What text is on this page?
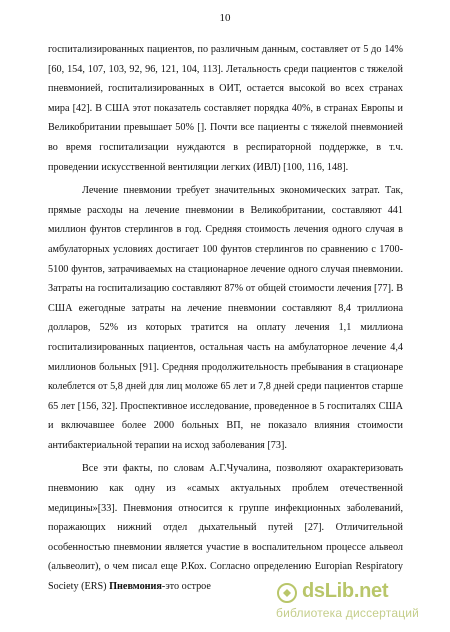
10

госпитализированных пациентов, по различным данным, составляет от 5 до 14% [60, 154, 107, 103, 92, 96, 121, 104, 113]. Летальность среди пациентов с тяжелой пневмонией, госпитализированных в ОИТ, остается высокой во всех странах мира [42]. В США этот показатель составляет порядка 40%, в странах Европы и Великобритании превышает 50% []. Почти все пациенты с тяжелой пневмонией во время госпитализации нуждаются в респираторной поддержке, в т.ч. проведении искусственной вентиляции легких (ИВЛ) [100, 116, 148].

Лечение пневмонии требует значительных экономических затрат. Так, прямые расходы на лечение пневмонии в Великобритании, составляют 441 миллион фунтов стерлингов в год. Средняя стоимость лечения одного случая в амбулаторных условиях достигает 100 фунтов стерлингов по сравнению с 1700-5100 фунтов, затрачиваемых на стационарное лечение одного случая пневмонии. Затраты на госпитализацию составляют 87% от общей стоимости лечения [77]. В США ежегодные затраты на лечение пневмонии составляют 8,4 триллиона долларов, 52% из которых тратится на оплату лечения 1,1 миллиона госпитализированных пациентов, остальная часть на амбулаторное лечение 4,4 миллионов больных [91]. Средняя продолжительность пребывания в стационаре колеблется от 5,8 дней для лиц моложе 65 лет и 7,8 дней среди пациентов старше 65 лет [156, 32]. Проспективное исследование, проведенное в 5 госпиталях США и включавшее более 2000 больных ВП, не показало влияния стоимости антибактериальной терапии на исход заболевания [73].

Все эти факты, по словам А.Г.Чучалина, позволяют охарактеризовать пневмонию как одну из «самых актуальных проблем отечественной медицины»[33]. Пневмония относится к группе инфекционных заболеваний, поражающих нижний отдел дыхательный путей [27]. Отличительной особенностью пневмонии является участие в воспалительном процессе альвеол (альвеолит), о чем писал еще Р.Кох. Согласно определению Europian Respiratory Society (ERS) Пневмония-это острое	dsLib.net
библиотека диссертаций
